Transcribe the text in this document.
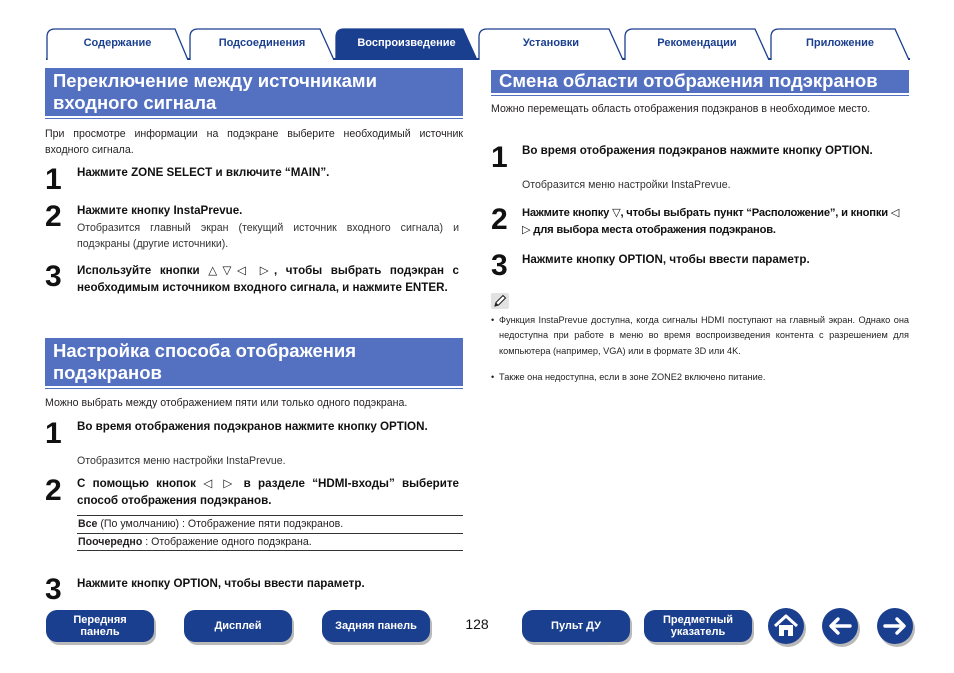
Содержание	Подсоединения	Воспроизведение	Установки	Рекомендации	Приложение
Переключение между источниками
входного сигнала
При просмотре информации на подэкране выберите необходимый источник входного сигнала.
1 Нажмите ZONE SELECT и включите “MAIN”.
2 Нажмите кнопку InstaPrevue.
Отобразится главный экран (текущий источник входного сигнала) и подэкраны (другие источники).
3 Используйте кнопки △▽◁ ▷, чтобы выбрать подэкран с необходимым источником входного сигнала, и нажмите ENTER.
Настройка способа отображения
подэкранов
Можно выбрать между отображением пяти или только одного подэкрана.
1 Во время отображения подэкранов нажмите кнопку OPTION.
Отобразится меню настройки InstaPrevue.
2 С помощью кнопок ◁ ▷ в разделе “HDMI-входы” выберите способ отображения подэкранов.
Все (По умолчанию) : Отображение пяти подэкранов.
Поочередно : Отображение одного подэкрана.
3 Нажмите кнопку OPTION, чтобы ввести параметр.
Смена области отображения подэкранов
Можно перемещать область отображения подэкранов в необходимое место.
1 Во время отображения подэкранов нажмите кнопку OPTION.
Отобразится меню настройки InstaPrevue.
2 Нажмите кнопку ▽, чтобы выбрать пункт “Расположение”, и кнопки ◁ ▷ для выбора места отображения подэкранов.
3 Нажмите кнопку OPTION, чтобы ввести параметр.
• Функция InstaPrevue доступна, когда сигналы HDMI поступают на главный экран. Однако она недоступна при работе в меню во время воспроизведения контента с разрешением для компьютера (например, VGA) или в формате 3D или 4K.
• Также она недоступна, если в зоне ZONE2 включено питание.
Передняя панель	Дисплей	Задняя панель	128	Пульт ДУ	Предметный указатель
